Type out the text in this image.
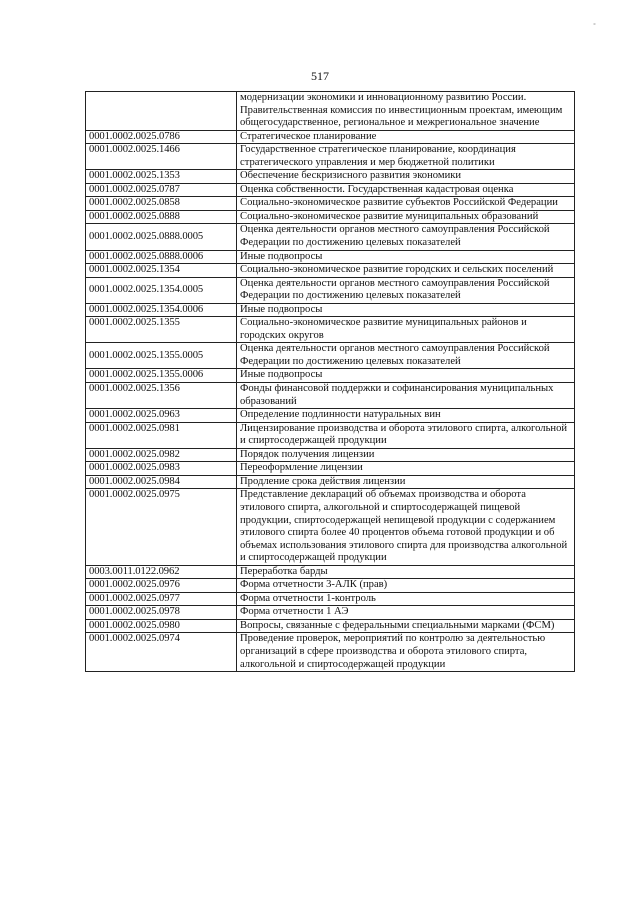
˚
517
	модернизации экономики и инновационному развитию России. Правительственная комиссия по инвестиционным проектам, имеющим общегосударственное, региональное и межрегиональное значение
0001.0002.0025.0786	Стратегическое планирование
0001.0002.0025.1466	Государственное стратегическое планирование, координация стратегического управления и мер бюджетной политики
0001.0002.0025.1353	Обеспечение бескризисного развития экономики
0001.0002.0025.0787	Оценка собственности. Государственная кадастровая оценка
0001.0002.0025.0858	Социально-экономическое развитие субъектов Российской Федерации
0001.0002.0025.0888	Социально-экономическое развитие муниципальных образований
0001.0002.0025.0888.0005	Оценка деятельности органов местного самоуправления Российской Федерации по достижению целевых показателей
0001.0002.0025.0888.0006	Иные подвопросы
0001.0002.0025.1354	Социально-экономическое развитие городских и сельских поселений
0001.0002.0025.1354.0005	Оценка деятельности органов местного самоуправления Российской Федерации по достижению целевых показателей
0001.0002.0025.1354.0006	Иные подвопросы
0001.0002.0025.1355	Социально-экономическое развитие муниципальных районов и городских округов
0001.0002.0025.1355.0005	Оценка деятельности органов местного самоуправления Российской Федерации по достижению целевых показателей
0001.0002.0025.1355.0006	Иные подвопросы
0001.0002.0025.1356	Фонды финансовой поддержки и софинансирования муниципальных образований
0001.0002.0025.0963	Определение подлинности натуральных вин
0001.0002.0025.0981	Лицензирование производства и оборота этилового спирта, алкогольной и спиртосодержащей продукции
0001.0002.0025.0982	Порядок получения лицензии
0001.0002.0025.0983	Переоформление лицензии
0001.0002.0025.0984	Продление срока действия лицензии
0001.0002.0025.0975	Представление деклараций об объемах производства и оборота этилового спирта, алкогольной и спиртосодержащей пищевой продукции, спиртосодержащей непищевой продукции с содержанием этилового спирта более 40 процентов объема готовой продукции и об объемах использования этилового спирта для производства алкогольной и спиртосодержащей продукции
0003.0011.0122.0962	Переработка барды
0001.0002.0025.0976	Форма отчетности 3-АЛК (прав)
0001.0002.0025.0977	Форма отчетности 1-контроль
0001.0002.0025.0978	Форма отчетности 1 АЭ
0001.0002.0025.0980	Вопросы, связанные с федеральными специальными марками (ФСМ)
0001.0002.0025.0974	Проведение проверок, мероприятий по контролю за деятельностью организаций в сфере производства и оборота этилового спирта, алкогольной и спиртосодержащей продукции
